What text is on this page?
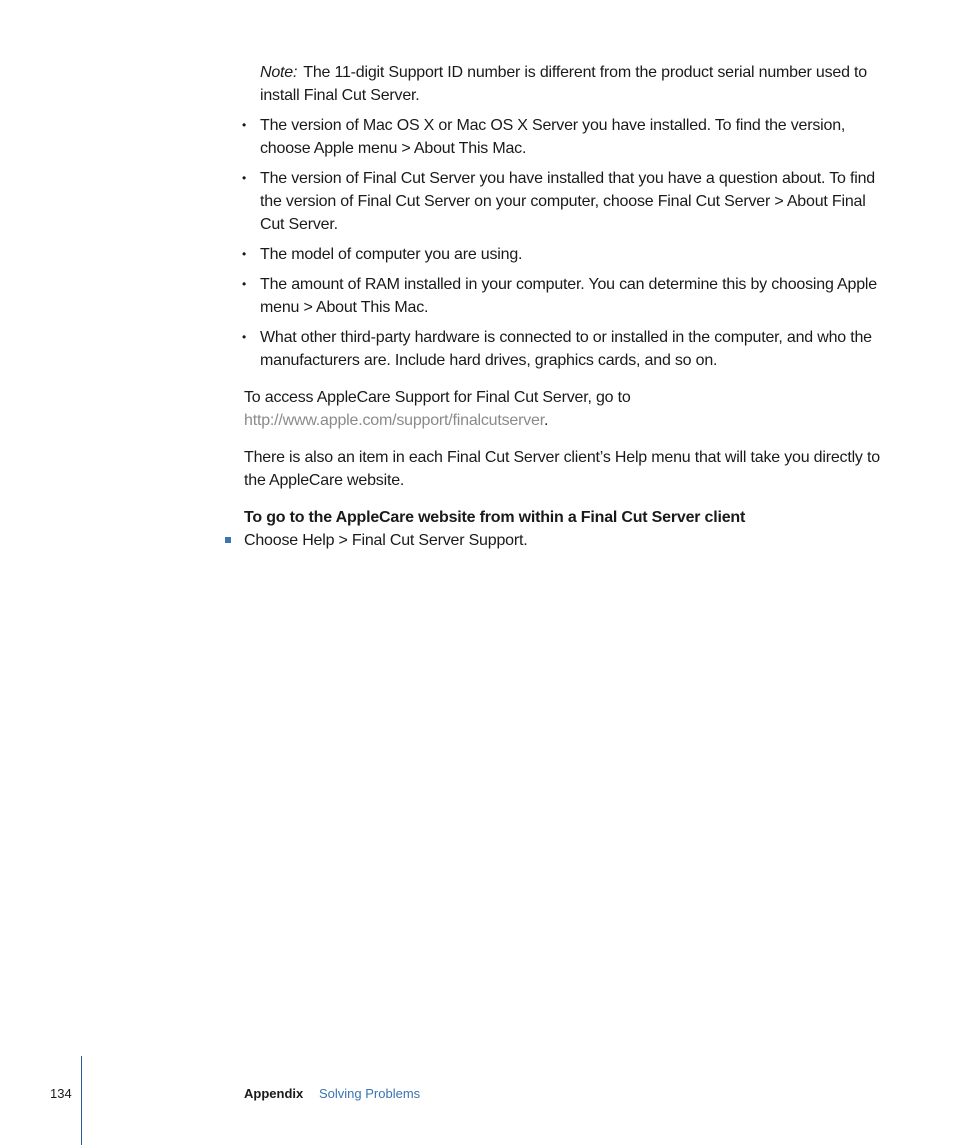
Note: The 11-digit Support ID number is different from the product serial number used to install Final Cut Server.

• The version of Mac OS X or Mac OS X Server you have installed. To find the version, choose Apple menu > About This Mac.
• The version of Final Cut Server you have installed that you have a question about. To find the version of Final Cut Server on your computer, choose Final Cut Server > About Final Cut Server.
• The model of computer you are using.
• The amount of RAM installed in your computer. You can determine this by choosing Apple menu > About This Mac.
• What other third-party hardware is connected to or installed in the computer, and who the manufacturers are. Include hard drives, graphics cards, and so on.

To access AppleCare Support for Final Cut Server, go to
http://www.apple.com/support/finalcutserver.

There is also an item in each Final Cut Server client’s Help menu that will take you directly to the AppleCare website.

To go to the AppleCare website from within a Final Cut Server client

Choose Help > Final Cut Server Support.

134	Appendix Solving Problems
